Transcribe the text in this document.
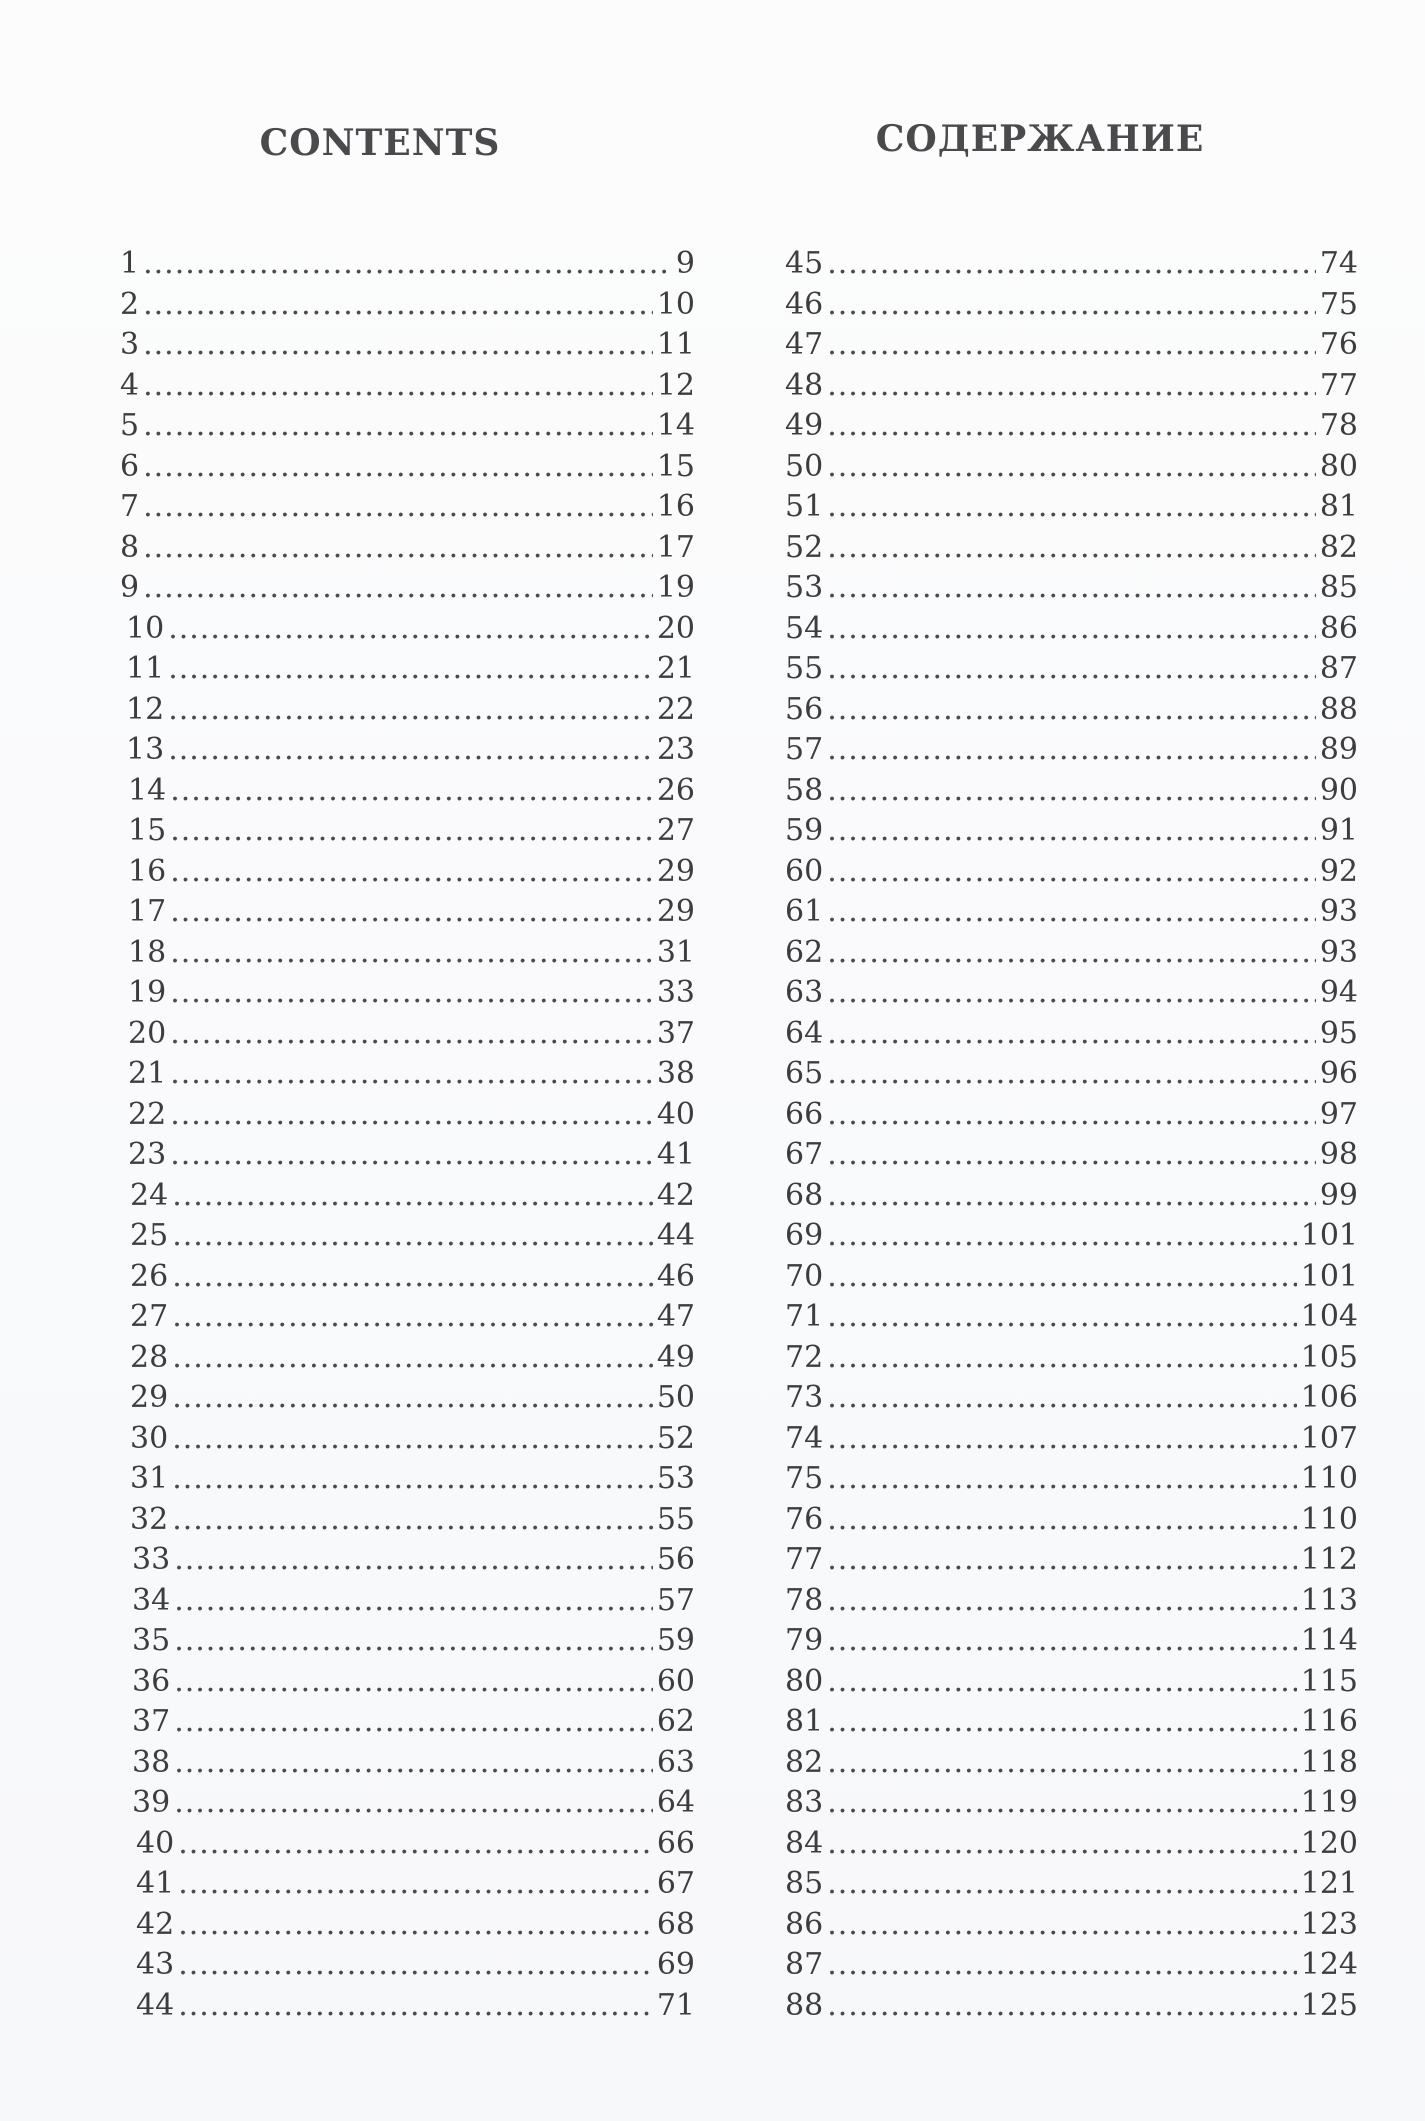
CONTENTS	СОДЕРЖАНИЕ
1 .....	9
2 .....	10
3 .....	11
4 .....	12
5 .....	14
6 .....	15
7 .....	16
8 .....	17
9 .....	19
10 .....	20
11 .....	21
12 .....	22
13 .....	23
14 .....	26
15 .....	27
16 .....	29
17 .....	29
18 .....	31
19 .....	33
20 .....	37
21 .....	38
22 .....	40
23 .....	41
24 .....	42
25 .....	44
26 .....	46
27 .....	47
28 .....	49
29 .....	50
30 .....	52
31 .....	53
32 .....	55
33 .....	56
34 .....	57
35 .....	59
36 .....	60
37 .....	62
38 .....	63
39 .....	64
40 .....	66
41 .....	67
42 .....	68
43 .....	69
44 .....	71
45 .....	74
46 .....	75
47 .....	76
48 .....	77
49 .....	78
50 .....	80
51 .....	81
52 .....	82
53 .....	85
54 .....	86
55 .....	87
56 .....	88
57 .....	89
58 .....	90
59 .....	91
60 .....	92
61 .....	93
62 .....	93
63 .....	94
64 .....	95
65 .....	96
66 .....	97
67 .....	98
68 .....	99
69 .....	101
70 .....	101
71 .....	104
72 .....	105
73 .....	106
74 .....	107
75 .....	110
76 .....	110
77 .....	112
78 .....	113
79 .....	114
80 .....	115
81 .....	116
82 .....	118
83 .....	119
84 .....	120
85 .....	121
86 .....	123
87 .....	124
88 .....	125
